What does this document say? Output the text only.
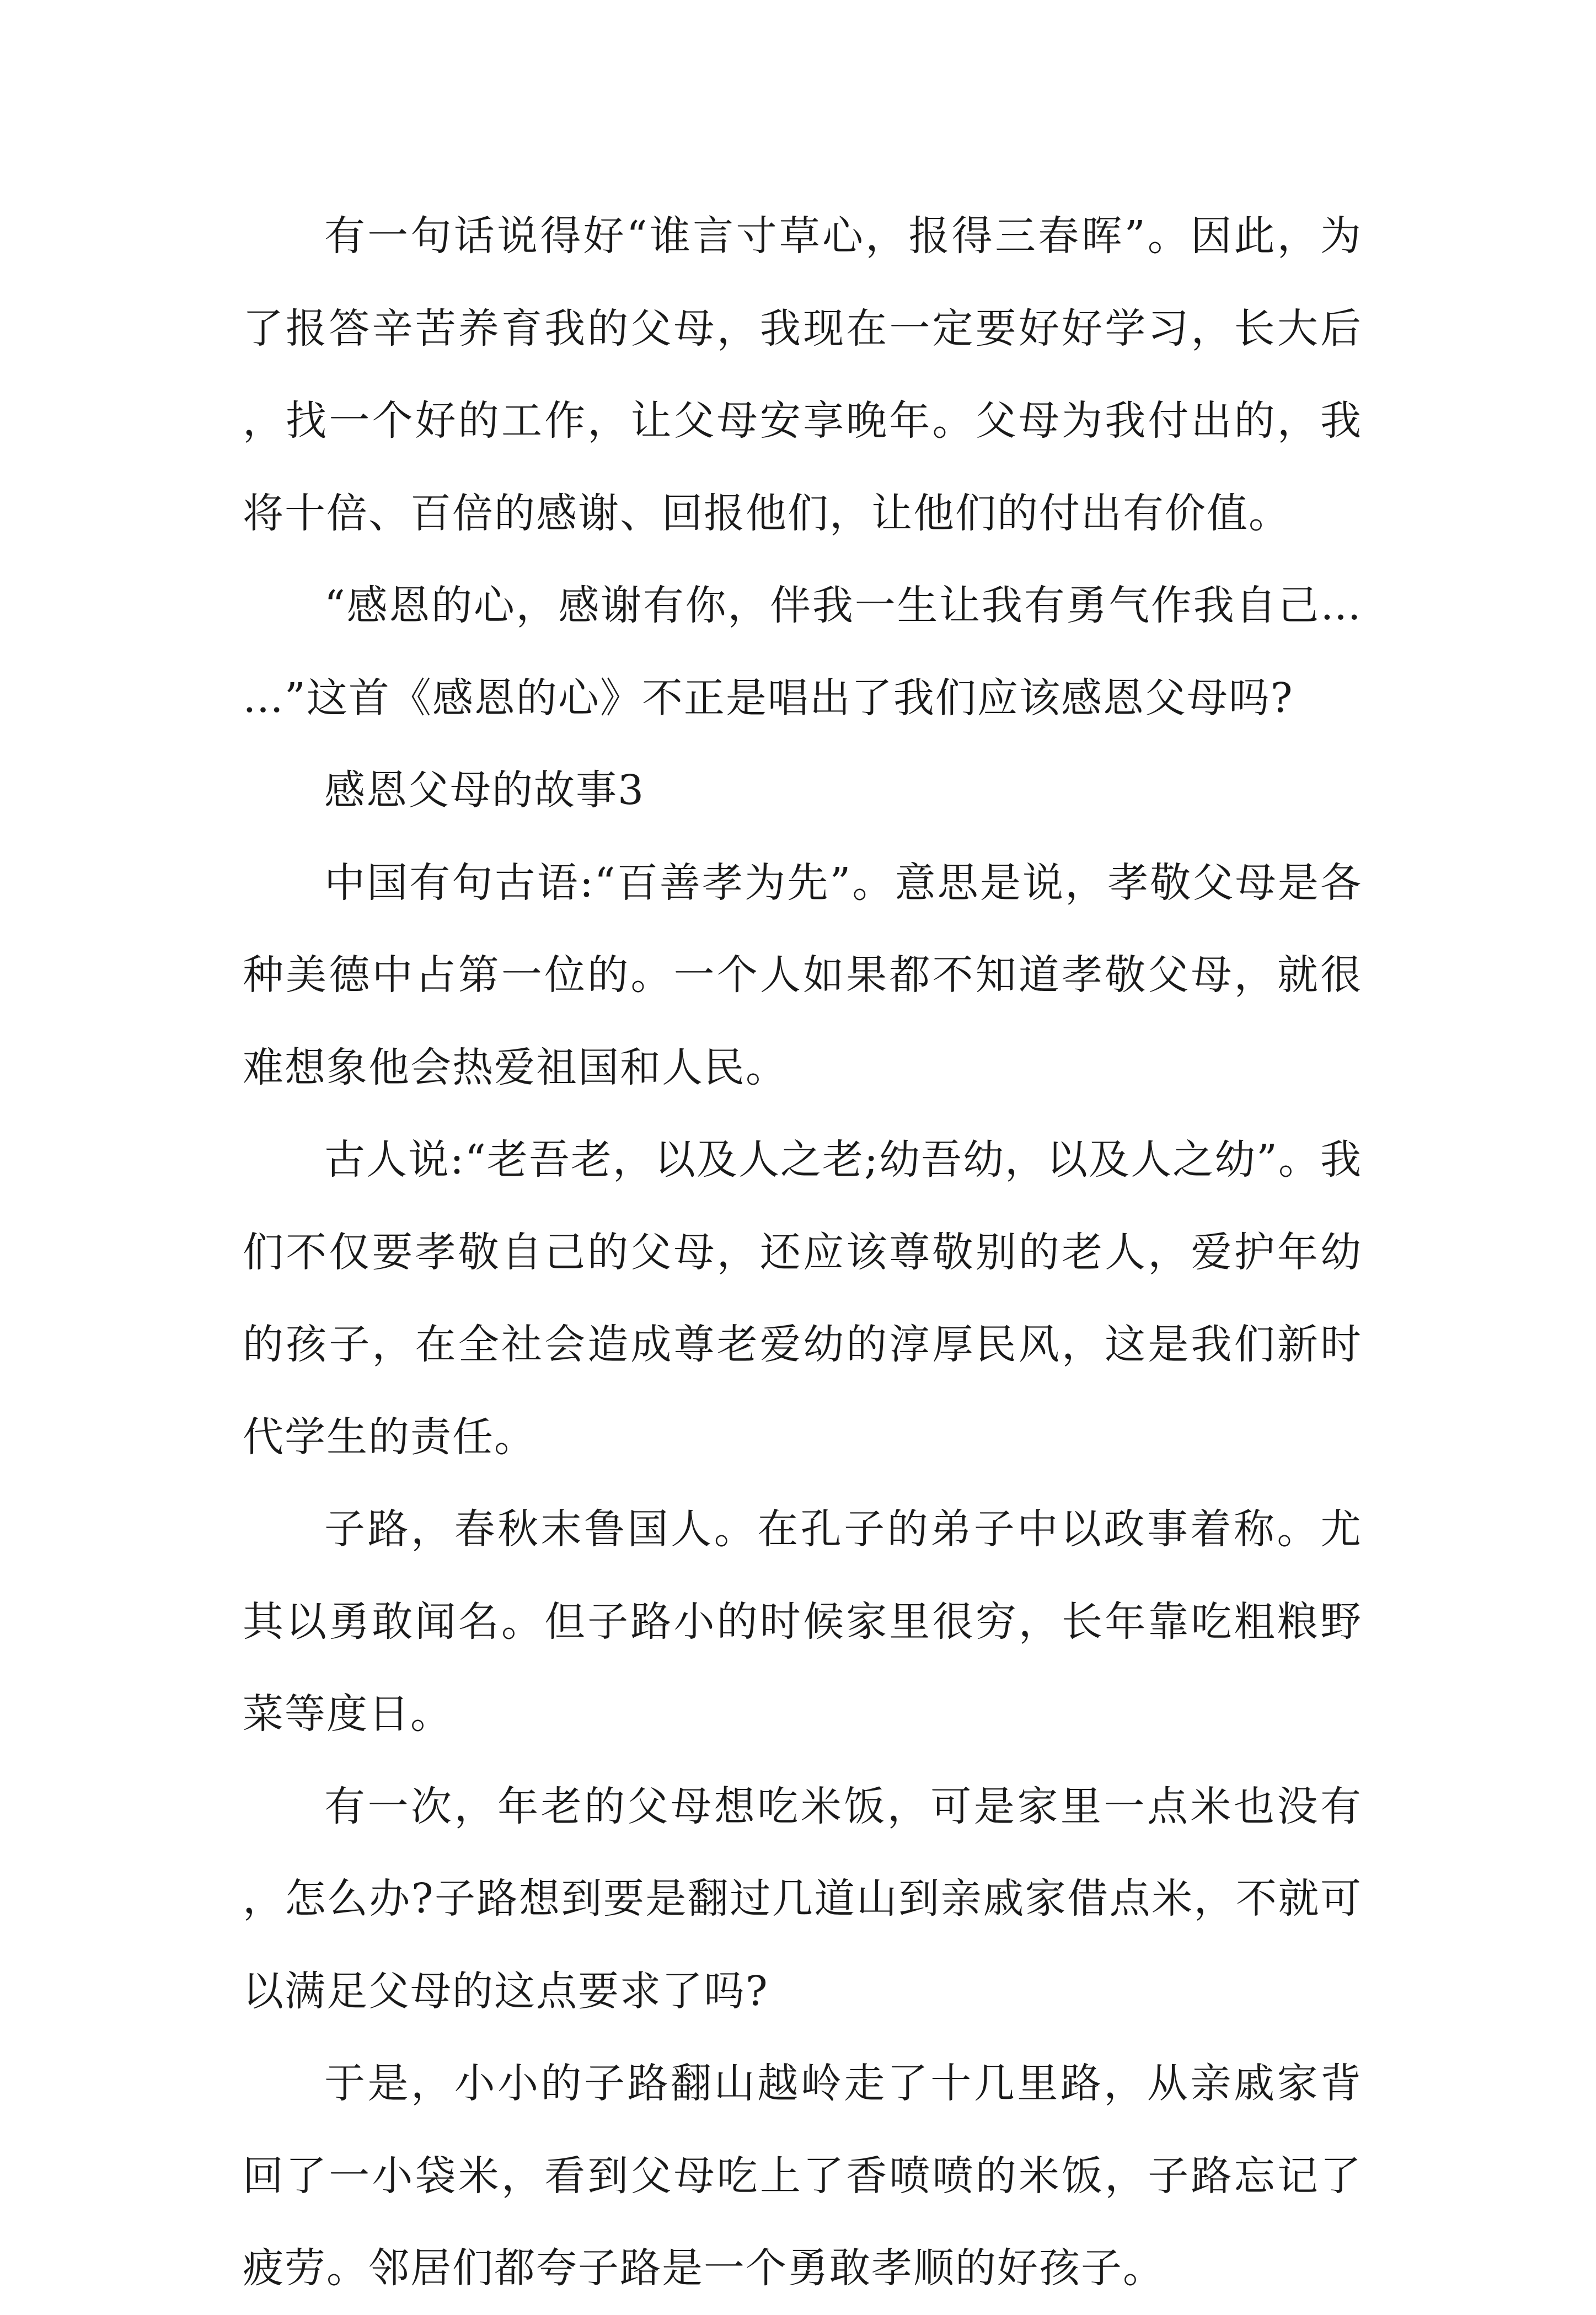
有一句话说得好“谁言寸草心，报得三春晖”。因此，为了报答辛苦养育我的父母，我现在一定要好好学习，长大后，找一个好的工作，让父母安享晚年。父母为我付出的，我将十倍、百倍的感谢、回报他们，让他们的付出有价值。

“感恩的心，感谢有你，伴我一生让我有勇气作我自己……”这首《感恩的心》不正是唱出了我们应该感恩父母吗?

感恩父母的故事3

中国有句古语:“百善孝为先”。意思是说，孝敬父母是各种美德中占第一位的。一个人如果都不知道孝敬父母，就很难想象他会热爱祖国和人民。

古人说:“老吾老，以及人之老;幼吾幼，以及人之幼”。我们不仅要孝敬自己的父母，还应该尊敬别的老人，爱护年幼的孩子，在全社会造成尊老爱幼的淳厚民风，这是我们新时代学生的责任。

子路，春秋末鲁国人。在孔子的弟子中以政事着称。尤其以勇敢闻名。但子路小的时候家里很穷，长年靠吃粗粮野菜等度日。

有一次，年老的父母想吃米饭，可是家里一点米也没有，怎么办?子路想到要是翻过几道山到亲戚家借点米，不就可以满足父母的这点要求了吗?

于是，小小的子路翻山越岭走了十几里路，从亲戚家背回了一小袋米，看到父母吃上了香喷喷的米饭，子路忘记了疲劳。邻居们都夸子路是一个勇敢孝顺的好孩子。
